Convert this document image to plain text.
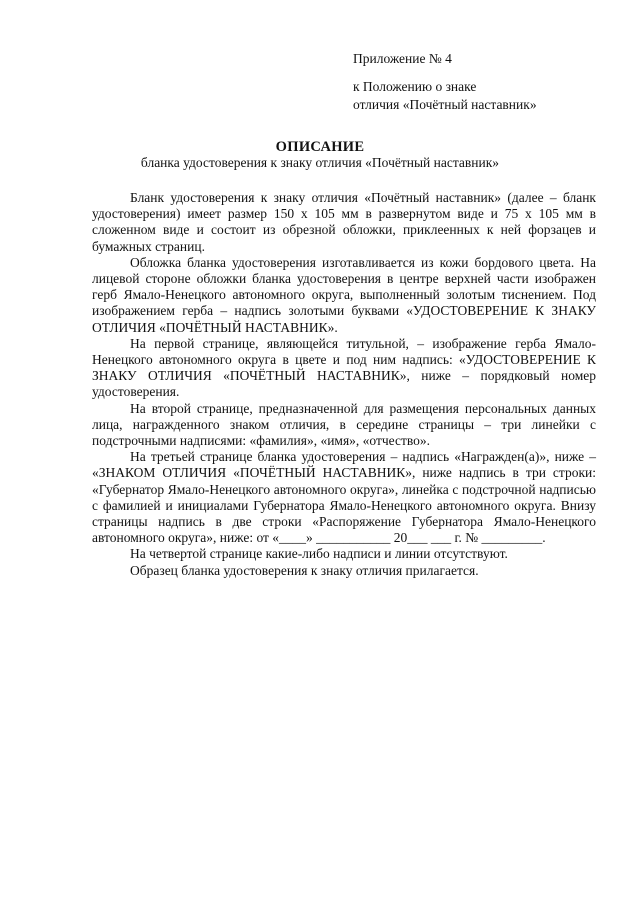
Приложение № 4
к Положению о знаке
отличия «Почётный наставник»
ОПИСАНИЕ
бланка удостоверения к знаку отличия «Почётный наставник»

Бланк удостоверения к знаку отличия «Почётный наставник» (далее – бланк удостоверения) имеет размер 150 х 105 мм в развернутом виде и 75 х 105 мм в сложенном виде и состоит из обрезной обложки, приклеенных к ней форзацев и бумажных страниц.

Обложка бланка удостоверения изготавливается из кожи бордового цвета. На лицевой стороне обложки бланка удостоверения в центре верхней части изображен герб Ямало-Ненецкого автономного округа, выполненный золотым тиснением. Под изображением герба – надпись золотыми буквами «УДОСТОВЕРЕНИЕ К ЗНАКУ ОТЛИЧИЯ «ПОЧЁТНЫЙ НАСТАВНИК».

На первой странице, являющейся титульной, – изображение герба Ямало-Ненецкого автономного округа в цвете и под ним надпись: «УДОСТОВЕРЕНИЕ К ЗНАКУ ОТЛИЧИЯ «ПОЧЁТНЫЙ НАСТАВНИК», ниже – порядковый номер удостоверения.

На второй странице, предназначенной для размещения персональных данных лица, награжденного знаком отличия, в середине страницы – три линейки с подстрочными надписями: «фамилия», «имя», «отчество».

На третьей странице бланка удостоверения – надпись «Награжден(а)», ниже – «ЗНАКОМ ОТЛИЧИЯ «ПОЧЁТНЫЙ НАСТАВНИК», ниже надпись в три строки: «Губернатор Ямало-Ненецкого автономного округа», линейка с подстрочной надписью с фамилией и инициалами Губернатора Ямало-Ненецкого автономного округа. Внизу страницы надпись в две строки «Распоряжение Губернатора Ямало-Ненецкого автономного округа», ниже: от «____» ___________ 20___ ___ г. № _________.

На четвертой странице какие-либо надписи и линии отсутствуют.

Образец бланка удостоверения к знаку отличия прилагается.
